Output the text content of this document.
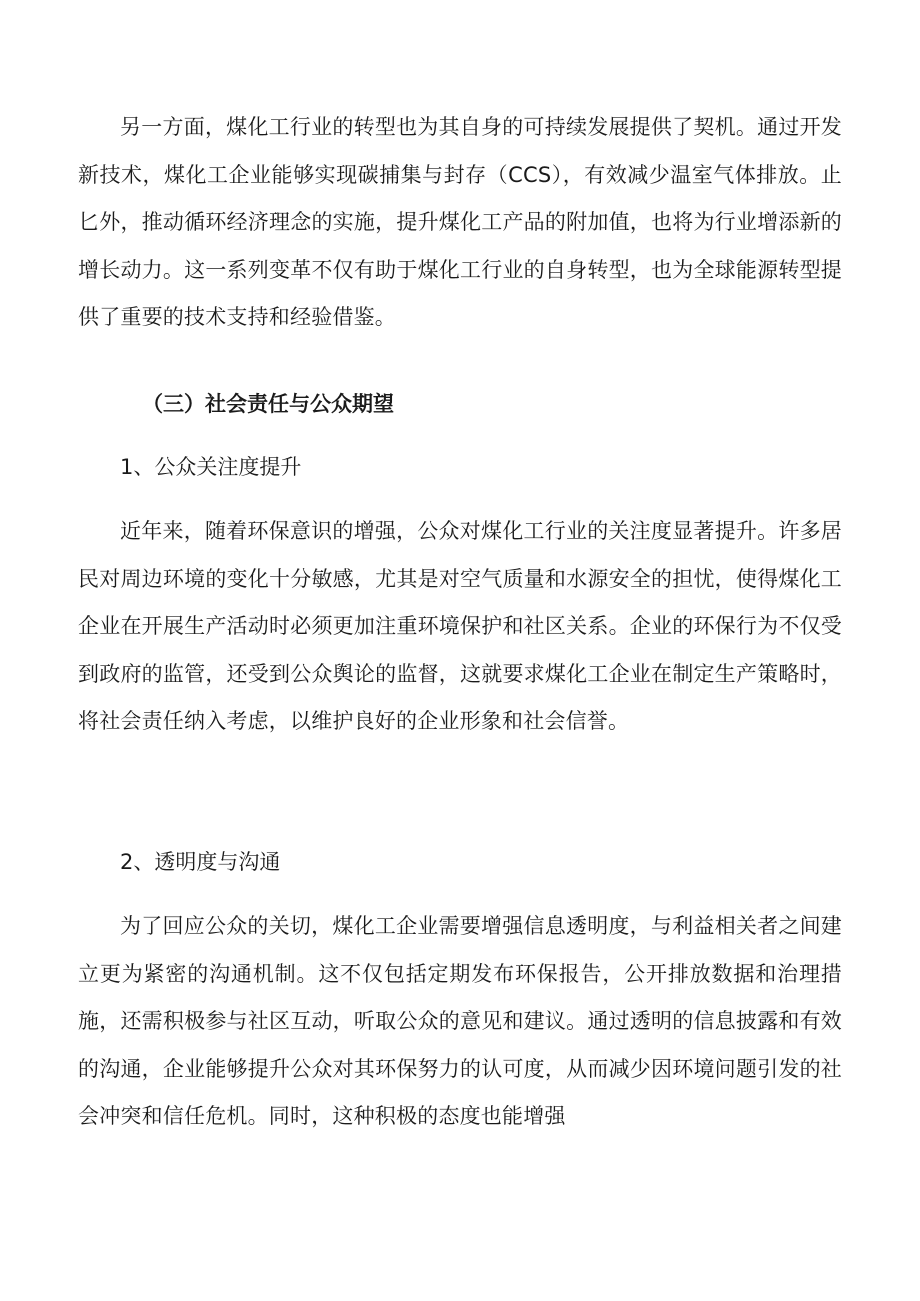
另一方面，煤化工行业的转型也为其自身的可持续发展提供了契机。通过开发新技术，煤化工企业能够实现碳捕集与封存（CCS），有效减少温室气体排放。止匕外，推动循环经济理念的实施，提升煤化工产品的附加值，也将为行业增添新的增长动力。这一系列变革不仅有助于煤化工行业的自身转型，也为全球能源转型提供了重要的技术支持和经验借鉴。

（三）社会责任与公众期望

1、公众关注度提升

近年来，随着环保意识的增强，公众对煤化工行业的关注度显著提升。许多居民对周边环境的变化十分敏感，尤其是对空气质量和水源安全的担忧，使得煤化工企业在开展生产活动时必须更加注重环境保护和社区关系。企业的环保行为不仅受到政府的监管，还受到公众舆论的监督，这就要求煤化工企业在制定生产策略时，将社会责任纳入考虑，以维护良好的企业形象和社会信誉。

2、透明度与沟通

为了回应公众的关切，煤化工企业需要增强信息透明度，与利益相关者之间建立更为紧密的沟通机制。这不仅包括定期发布环保报告，公开排放数据和治理措施，还需积极参与社区互动，听取公众的意见和建议。通过透明的信息披露和有效的沟通，企业能够提升公众对其环保努力的认可度，从而减少因环境问题引发的社会冲突和信任危机。同时，这种积极的态度也能增强
